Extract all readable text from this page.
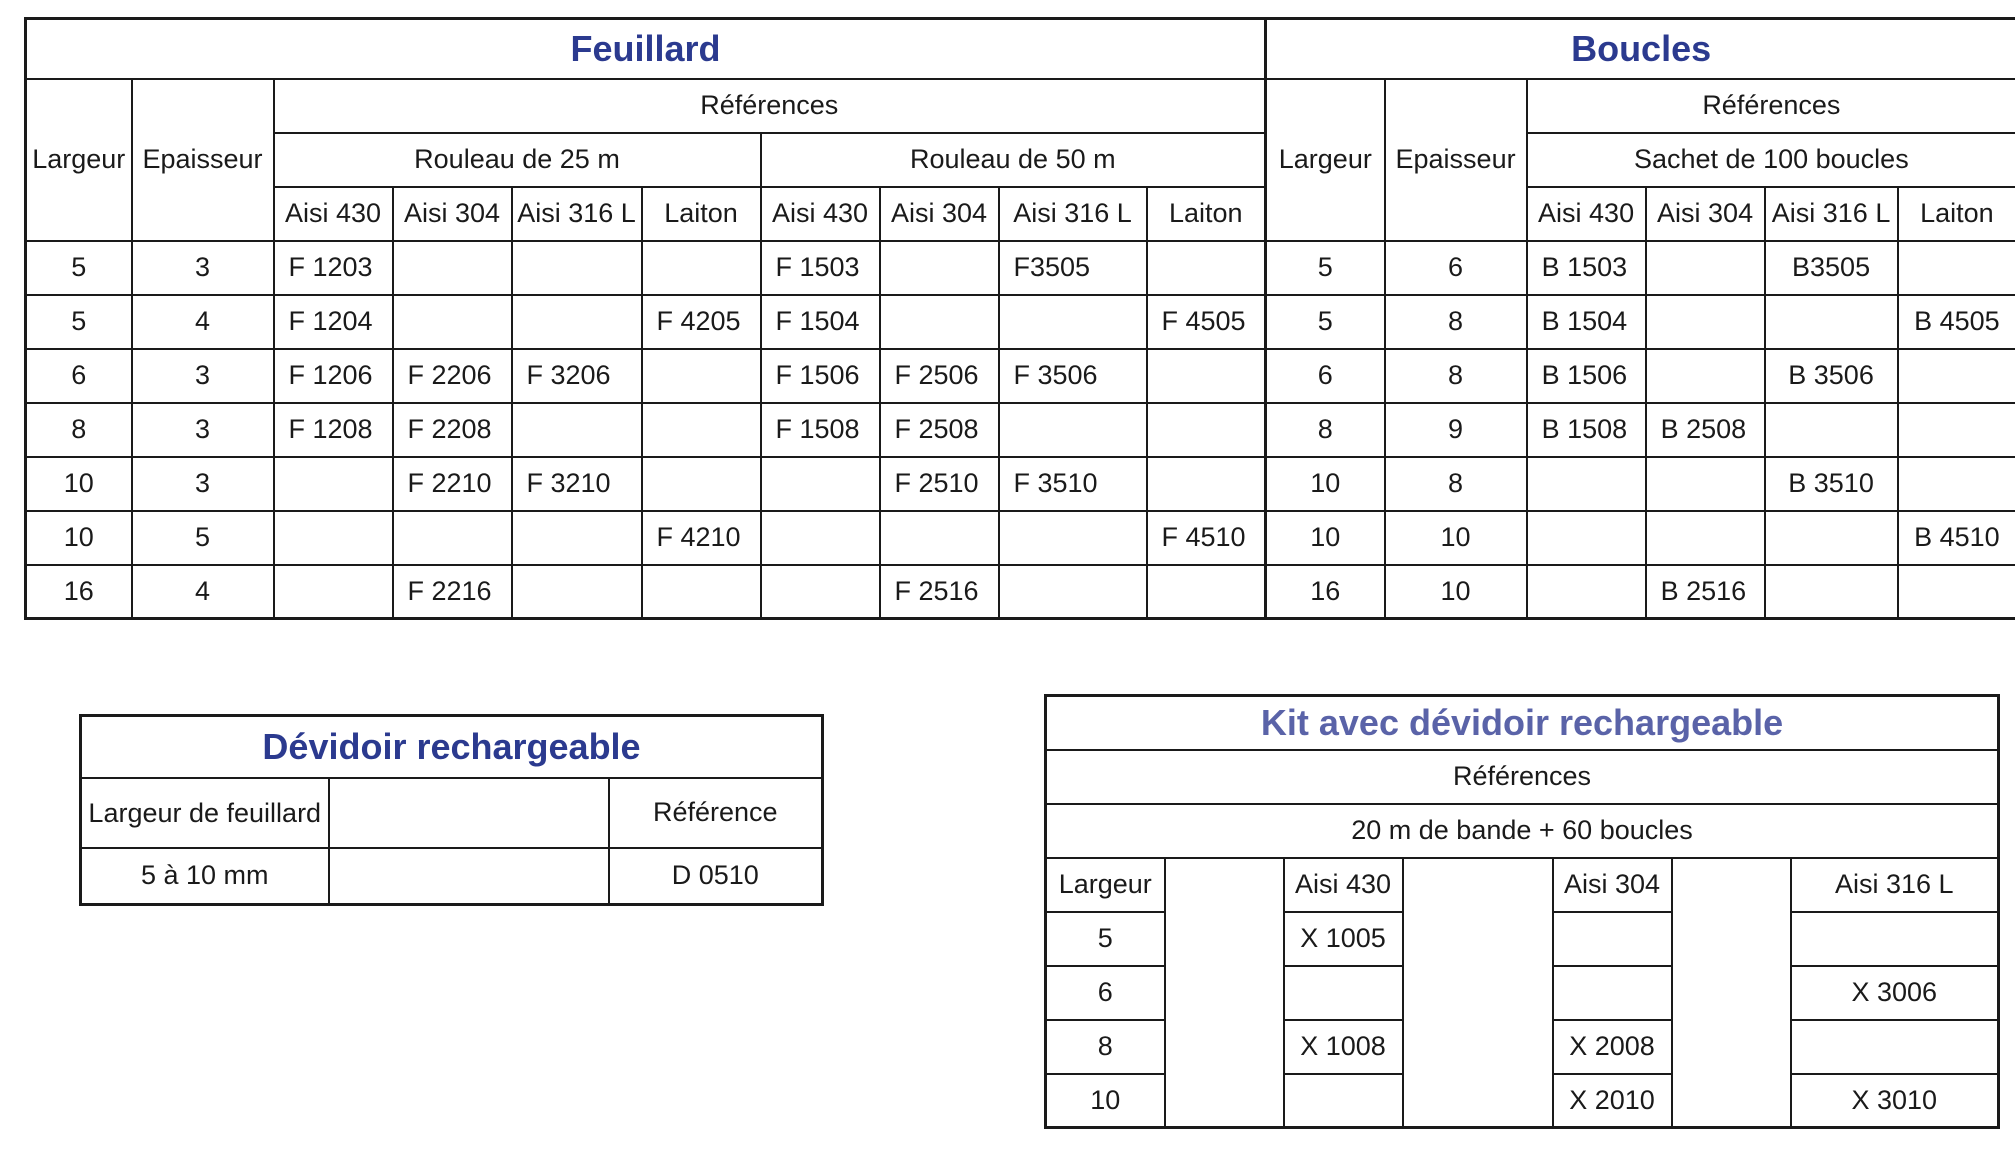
Feuillard										Boucles					
Largeur	Epaisseur	Références								Largeur	Epaisseur	Références			
		Rouleau de 25 m				Rouleau de 50 m						Sachet de 100 boucles			
		Aisi 430	Aisi 304	Aisi 316 L	Laiton	Aisi 430	Aisi 304	Aisi 316 L	Laiton			Aisi 430	Aisi 304	Aisi 316 L	Laiton
5	3	F 1203				F 1503		F3505		5	6	B 1503		B3505	
5	4	F 1204			F 4205	F 1504			F 4505	5	8	B 1504			B 4505
6	3	F 1206	F 2206	F 3206		F 1506	F 2506	F 3506		6	8	B 1506		B 3506	
8	3	F 1208	F 2208			F 1508	F 2508			8	9	B 1508	B 2508		
10	3		F 2210	F 3210			F 2510	F 3510		10	8			B 3510	
10	5				F 4210				F 4510	10	10				B 4510
16	4		F 2216				F 2516			16	10		B 2516		
Dévidoir rechargeable		
Largeur de feuillard		Référence
5 à 10 mm		D 0510
Kit avec dévidoir rechargeable						
Références						
20 m de bande + 60 boucles						
Largeur		Aisi 430		Aisi 304		Aisi 316 L
5		X 1005				
6						X 3006
8		X 1008		X 2008		
10				X 2010		X 3010
